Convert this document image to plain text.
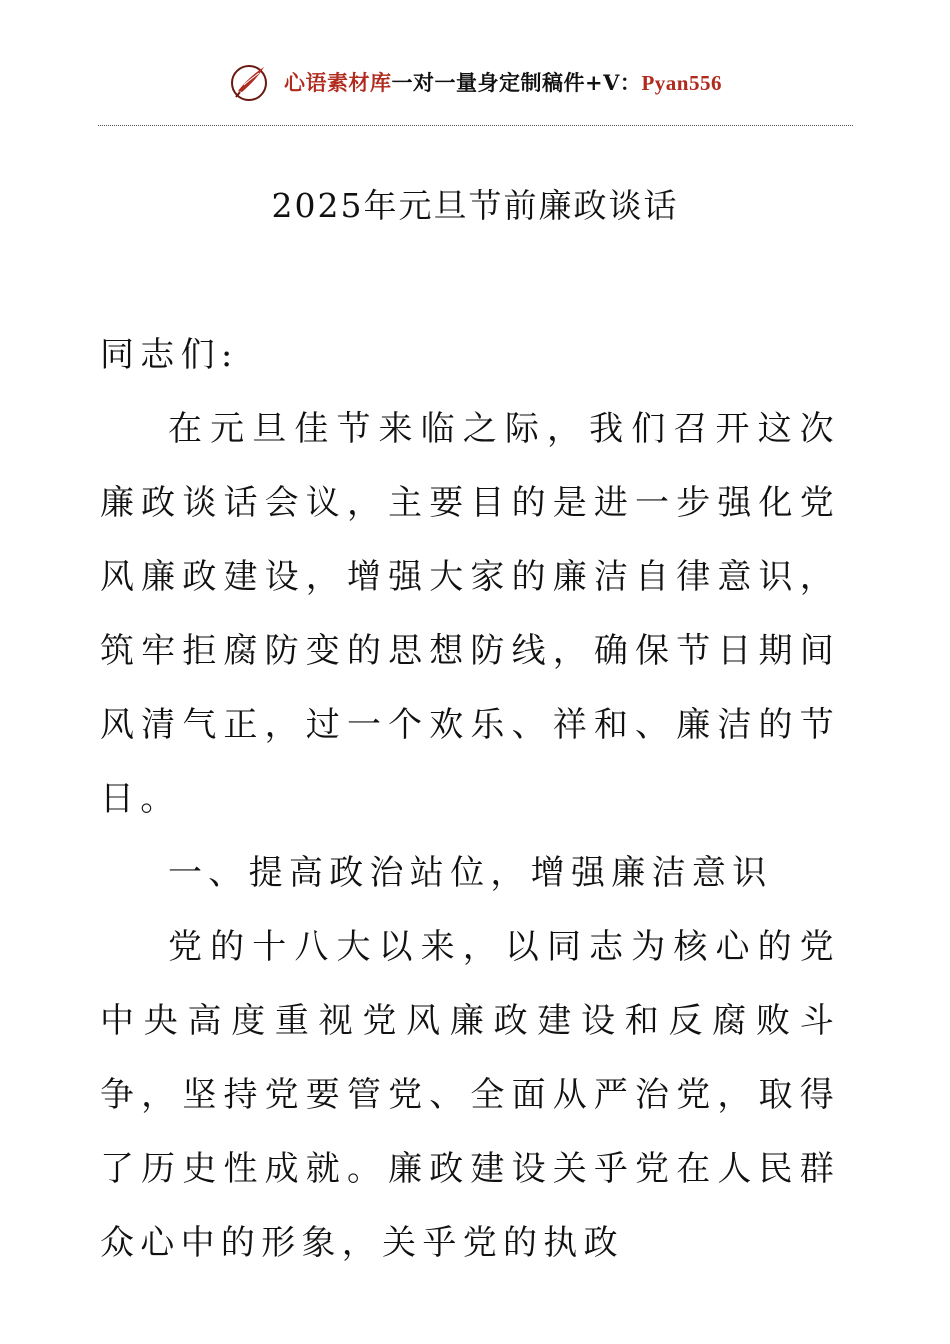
心语素材库一对一量身定制稿件+V：Pyan556
2025年元旦节前廉政谈话

同志们:

在元旦佳节来临之际，我们召开这次廉政谈话会议，主要目的是进一步强化党风廉政建设，增强大家的廉洁自律意识，筑牢拒腐防变的思想防线，确保节日期间风清气正，过一个欢乐、祥和、廉洁的节日。

一、提高政治站位，增强廉洁意识

党的十八大以来，以同志为核心的党中央高度重视党风廉政建设和反腐败斗争，坚持党要管党、全面从严治党，取得了历史性成就。廉政建设关乎党在人民群众心中的形象，关乎党的执政
